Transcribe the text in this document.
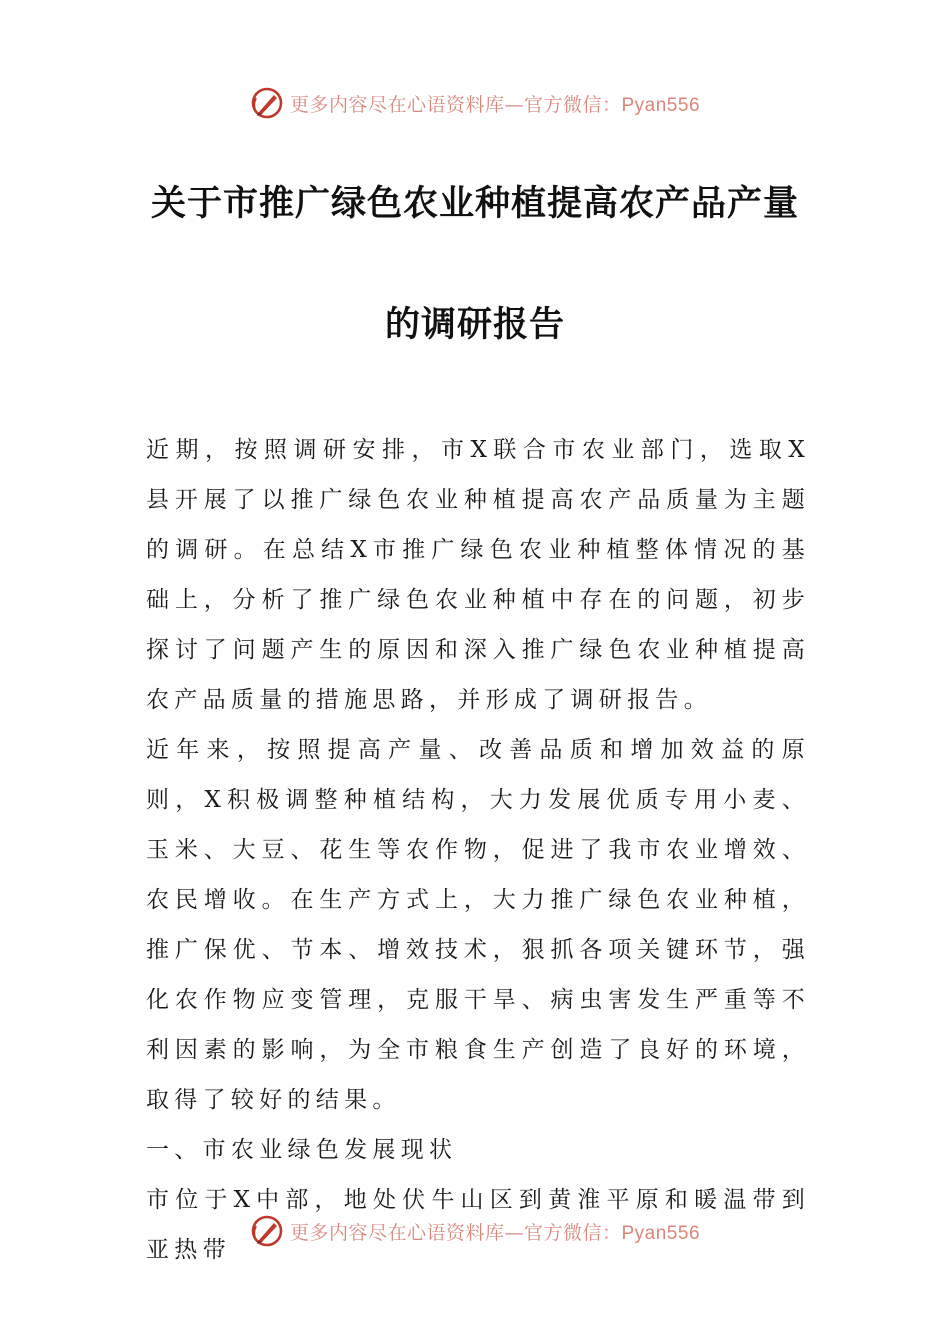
更多内容尽在心语资料库—官方微信：Pyan556
关于市推广绿色农业种植提高农产品产量
的调研报告

近期，按照调研安排，市X联合市农业部门，选取X县开展了以推广绿色农业种植提高农产品质量为主题的调研。在总结X市推广绿色农业种植整体情况的基础上，分析了推广绿色农业种植中存在的问题，初步探讨了问题产生的原因和深入推广绿色农业种植提高农产品质量的措施思路，并形成了调研报告。

近年来，按照提高产量、改善品质和增加效益的原则，X积极调整种植结构，大力发展优质专用小麦、玉米、大豆、花生等农作物，促进了我市农业增效、农民增收。在生产方式上，大力推广绿色农业种植，推广保优、节本、增效技术，狠抓各项关键环节，强化农作物应变管理，克服干旱、病虫害发生严重等不利因素的影响，为全市粮食生产创造了良好的环境，取得了较好的结果。

一、市农业绿色发展现状

市位于X中部，地处伏牛山区到黄淮平原和暖温带到亚热带

更多内容尽在心语资料库—官方微信：Pyan556
